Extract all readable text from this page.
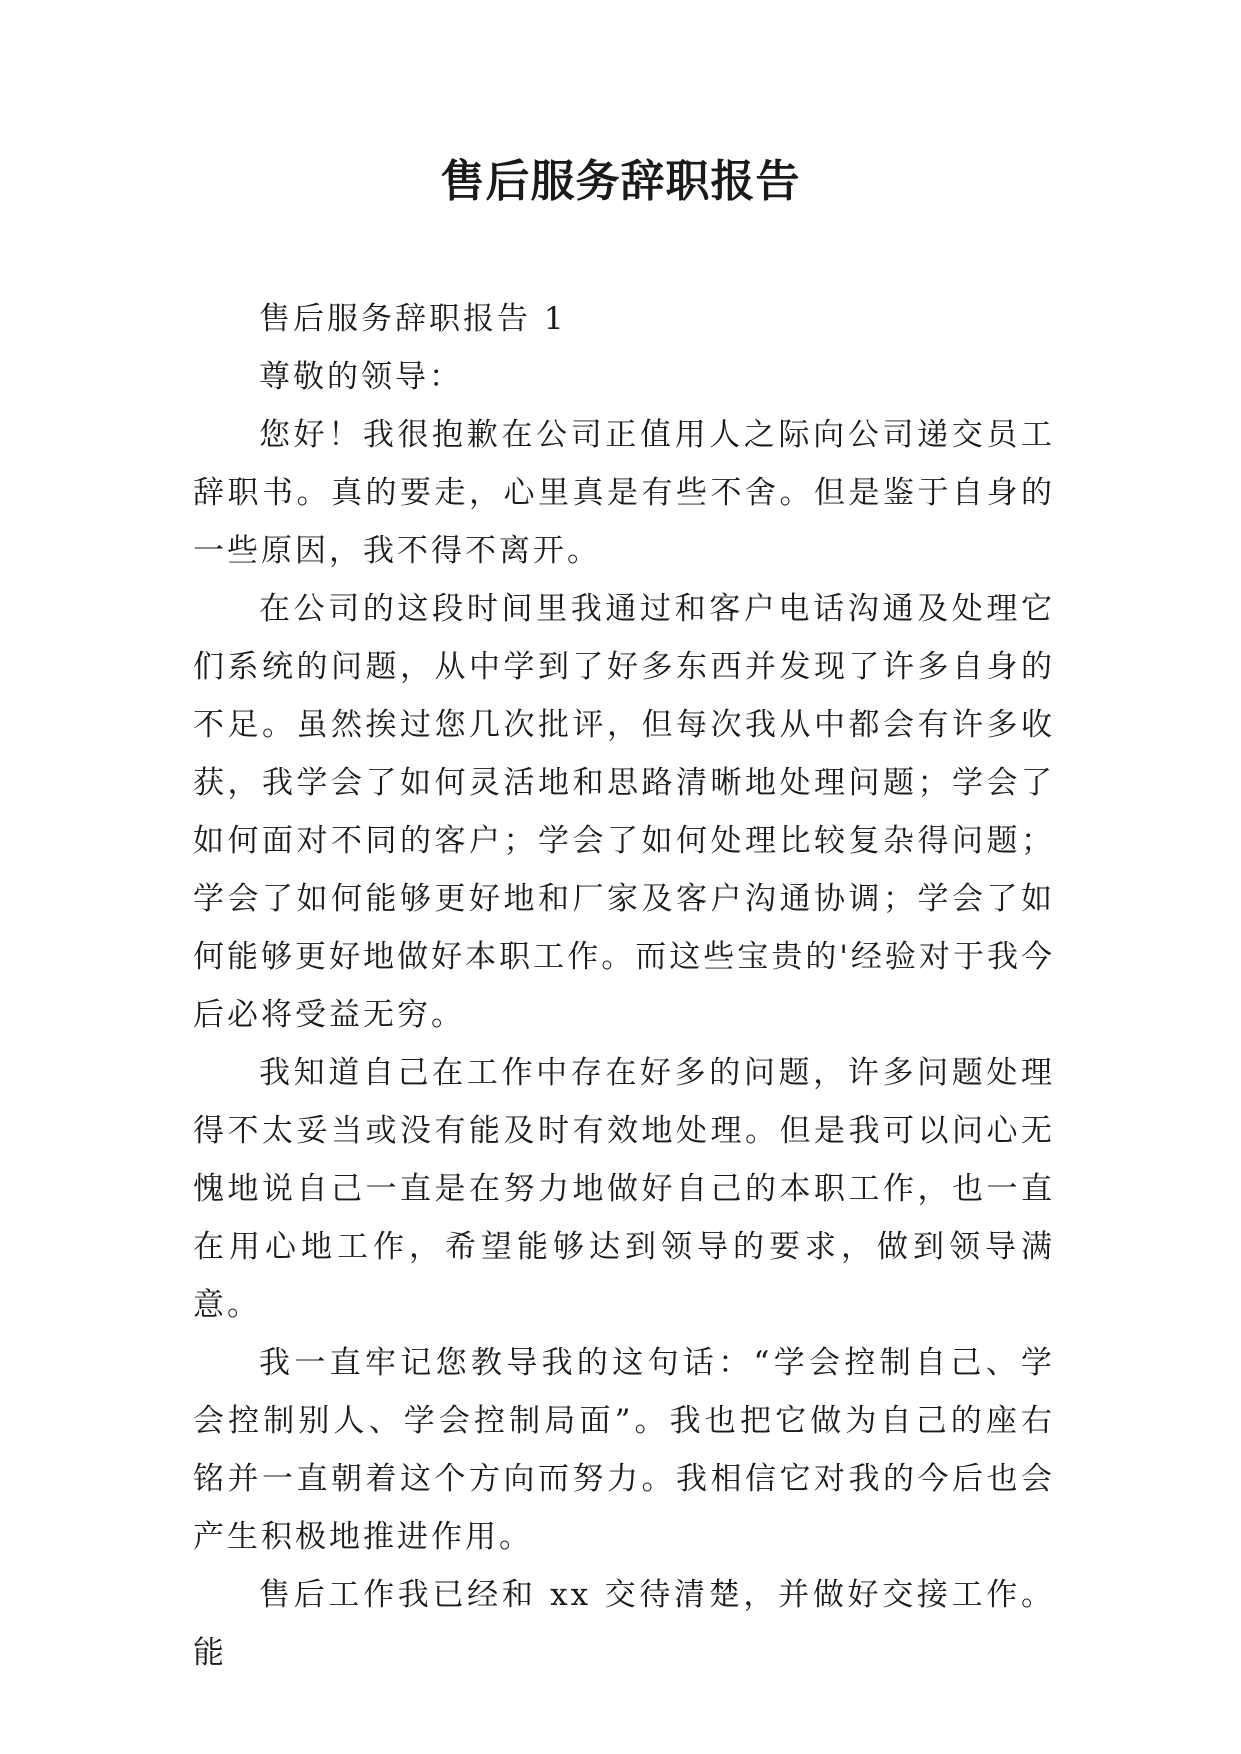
售后服务辞职报告

售后服务辞职报告 1

尊敬的领导：

您好！我很抱歉在公司正值用人之际向公司递交员工辞职书。真的要走，心里真是有些不舍。但是鉴于自身的一些原因，我不得不离开。

在公司的这段时间里我通过和客户电话沟通及处理它们系统的问题，从中学到了好多东西并发现了许多自身的不足。虽然挨过您几次批评，但每次我从中都会有许多收获，我学会了如何灵活地和思路清晰地处理问题；学会了如何面对不同的客户；学会了如何处理比较复杂得问题；学会了如何能够更好地和厂家及客户沟通协调；学会了如何能够更好地做好本职工作。而这些宝贵的'经验对于我今后必将受益无穷。

我知道自己在工作中存在好多的问题，许多问题处理得不太妥当或没有能及时有效地处理。但是我可以问心无愧地说自己一直是在努力地做好自己的本职工作，也一直在用心地工作，希望能够达到领导的要求，做到领导满意。

我一直牢记您教导我的这句话：“学会控制自己、学会控制别人、学会控制局面”。我也把它做为自己的座右铭并一直朝着这个方向而努力。我相信它对我的今后也会产生积极地推进作用。

售后工作我已经和 xx 交待清楚，并做好交接工作。能
